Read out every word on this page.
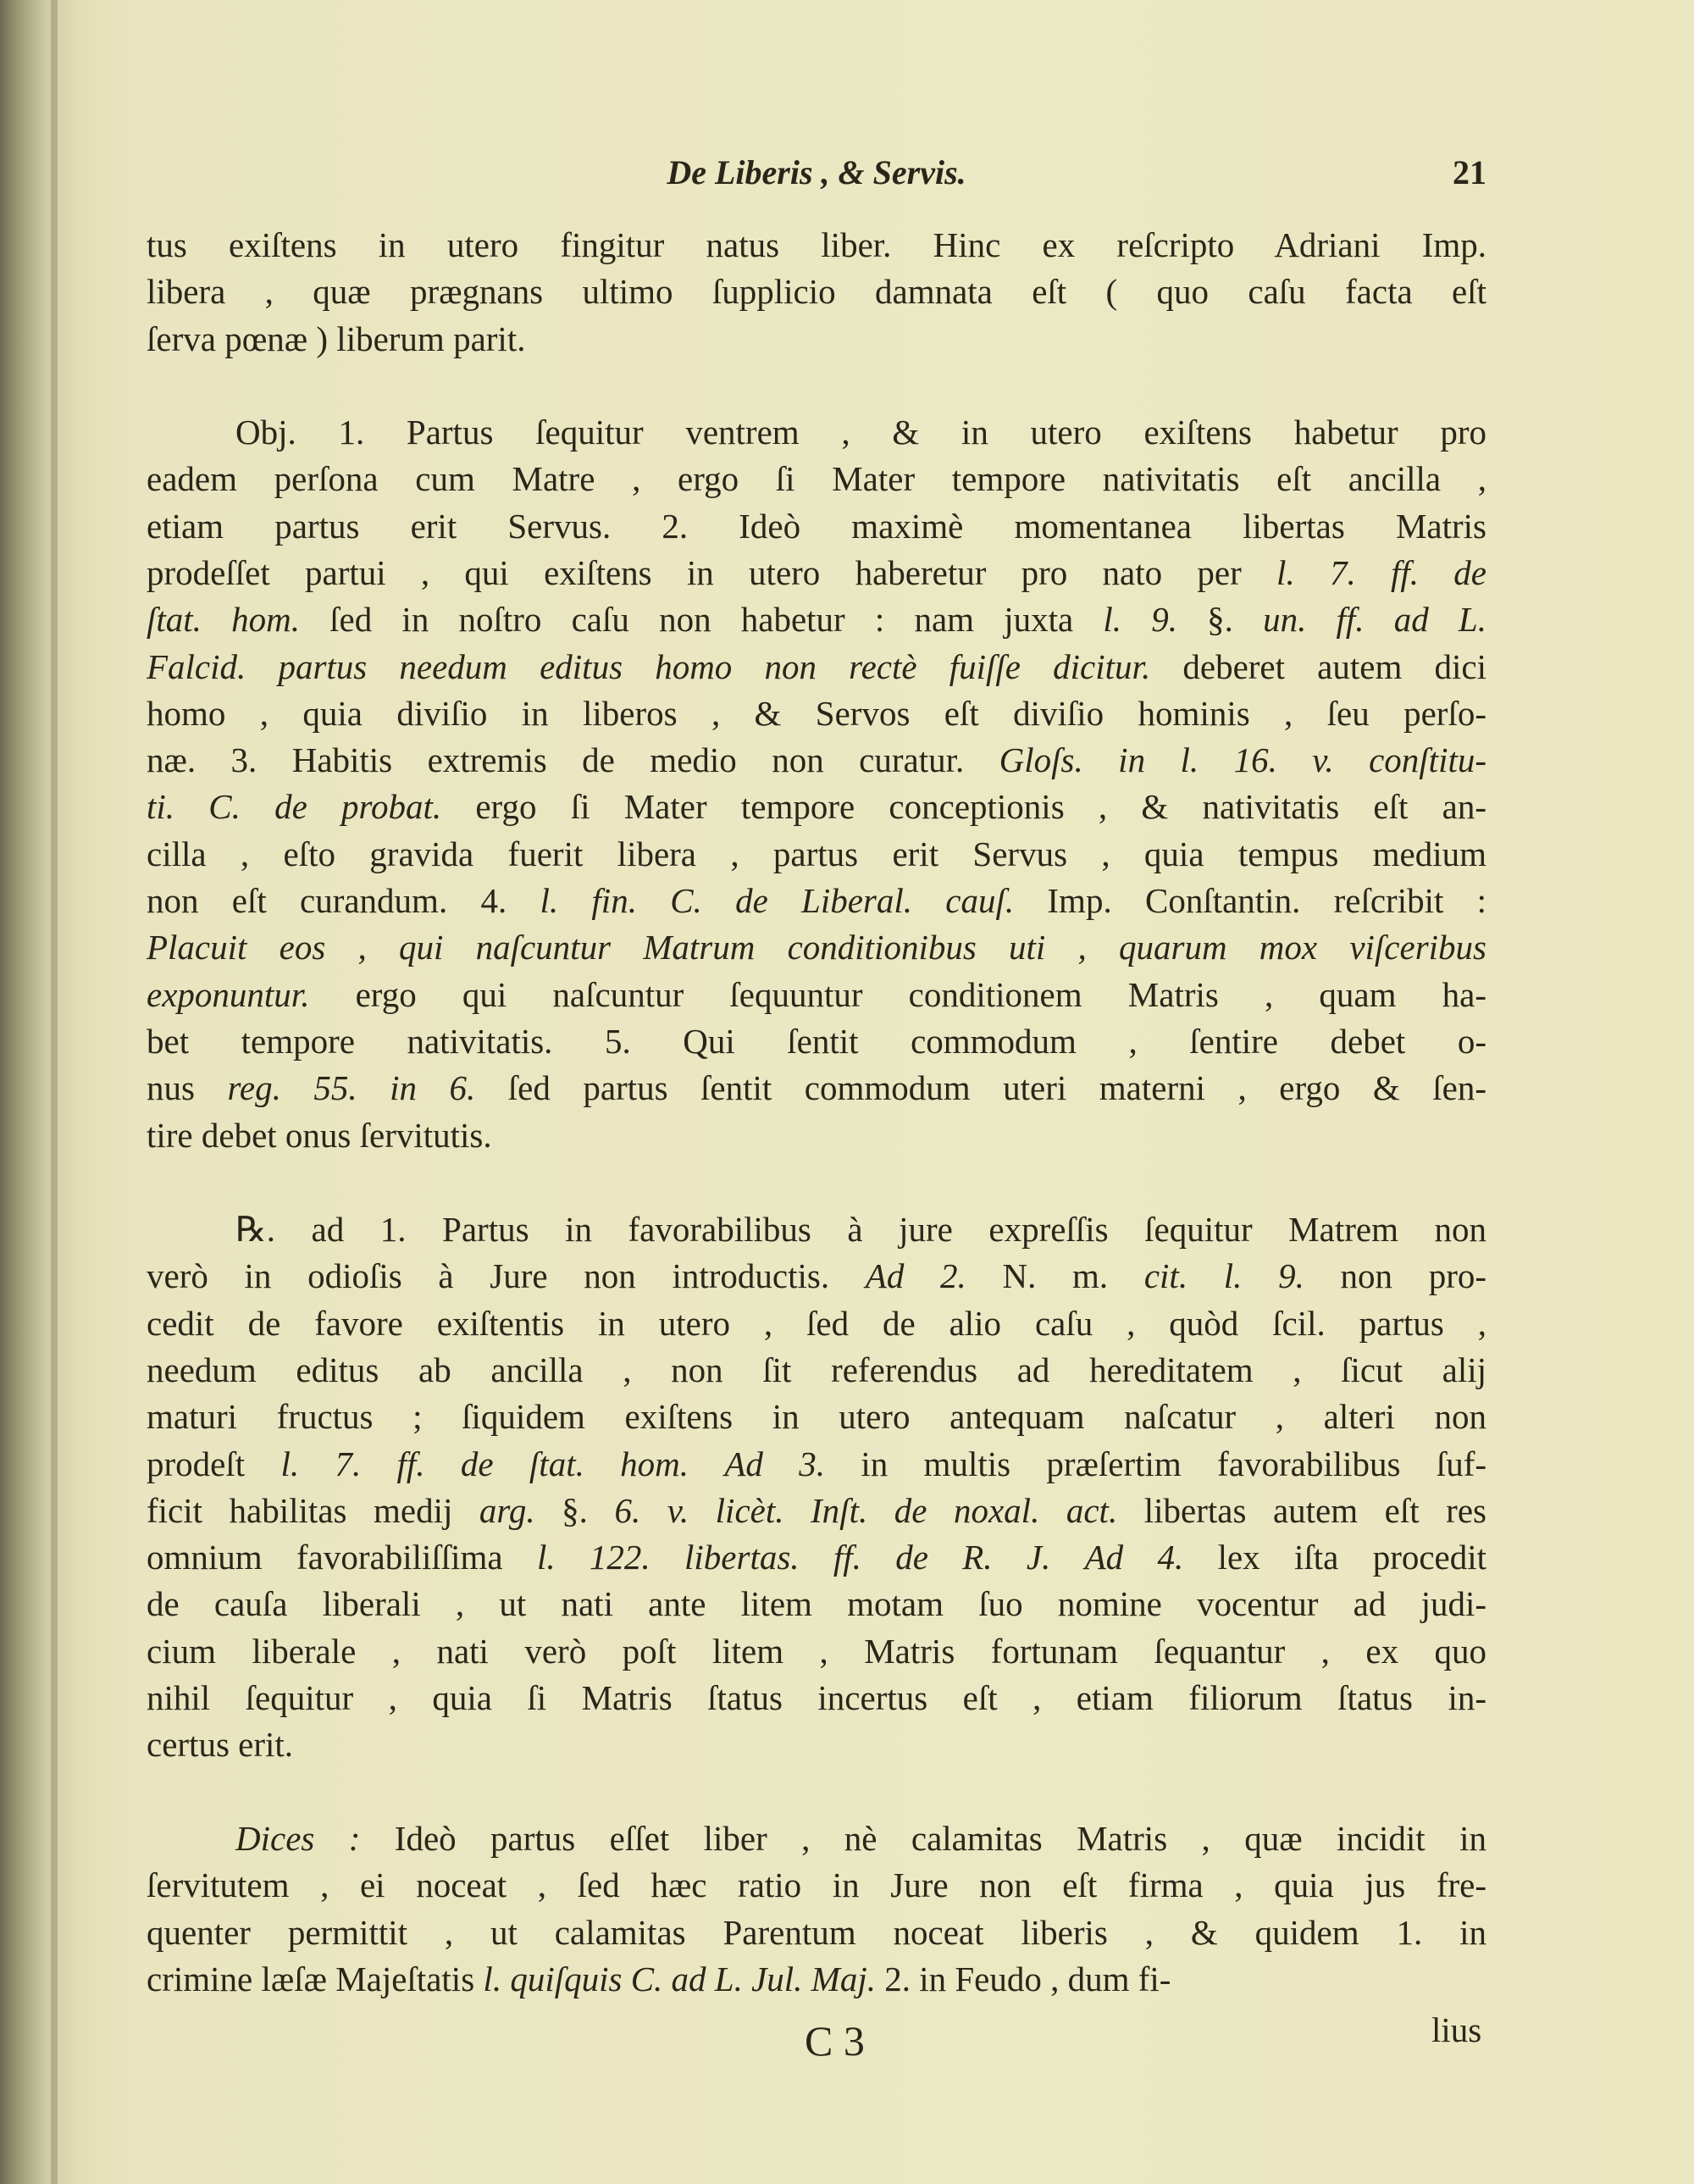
De Liberis , & Servis.	21
tus exiſtens in utero fingitur natus liber. Hinc ex reſcripto Adriani Imp.
libera , quæ prægnans ultimo ſupplicio damnata eſt ( quo caſu facta eſt
ſerva pœnæ ) liberum parit.
Obj. 1. Partus ſequitur ventrem , & in utero exiſtens habetur pro
eadem perſona cum Matre , ergo ſi Mater tempore nativitatis eſt ancilla ,
etiam partus erit Servus. 2. Ideò maximè momentanea libertas Matris
prodeſſet partui , qui exiſtens in utero haberetur pro nato per l. 7. ff. de
ſtat. hom. ſed in noſtro caſu non habetur : nam juxta l. 9. §. un. ff. ad L.
Falcid. partus needum editus homo non rectè fuiſſe dicitur. deberet autem dici
homo , quia diviſio in liberos , & Servos eſt diviſio hominis , ſeu perſo-
næ. 3. Habitis extremis de medio non curatur. Gloſs. in l. 16. v. conſtitu-
ti. C. de probat. ergo ſi Mater tempore conceptionis , & nativitatis eſt an-
cilla , eſto gravida fuerit libera , partus erit Servus , quia tempus medium
non eſt curandum. 4. l. fin. C. de Liberal. cauſ. Imp. Conſtantin. reſcribit :
Placuit eos , qui naſcuntur Matrum conditionibus uti , quarum mox viſceribus
exponuntur. ergo qui naſcuntur ſequuntur conditionem Matris , quam ha-
bet tempore nativitatis. 5. Qui ſentit commodum , ſentire debet o-
nus reg. 55. in 6. ſed partus ſentit commodum uteri materni , ergo & ſen-
tire debet onus ſervitutis.
℞. ad 1. Partus in favorabilibus à jure expreſſis ſequitur Matrem non
verò in odioſis à Jure non introductis. Ad 2. N. m. cit. l. 9. non pro-
cedit de favore exiſtentis in utero , ſed de alio caſu , quòd ſcil. partus ,
needum editus ab ancilla , non ſit referendus ad hereditatem , ſicut alij
maturi fructus ; ſiquidem exiſtens in utero antequam naſcatur , alteri non
prodeſt l. 7. ff. de ſtat. hom. Ad 3. in multis præſertim favorabilibus ſuf-
ficit habilitas medij arg. §. 6. v. licèt. Inſt. de noxal. act. libertas autem eſt res
omnium favorabiliſſima l. 122. libertas. ff. de R. J. Ad 4. lex iſta procedit
de cauſa liberali , ut nati ante litem motam ſuo nomine vocentur ad judi-
cium liberale , nati verò poſt litem , Matris fortunam ſequantur , ex quo
nihil ſequitur , quia ſi Matris ſtatus incertus eſt , etiam filiorum ſtatus in-
certus erit.
Dices : Ideò partus eſſet liber , nè calamitas Matris , quæ incidit in
ſervitutem , ei noceat , ſed hæc ratio in Jure non eſt firma , quia jus fre-
quenter permittit , ut calamitas Parentum noceat liberis , & quidem 1. in
crimine læſæ Majeſtatis l. quiſquis C. ad L. Jul. Maj. 2. in Feudo , dum fi-
C 3	lius
